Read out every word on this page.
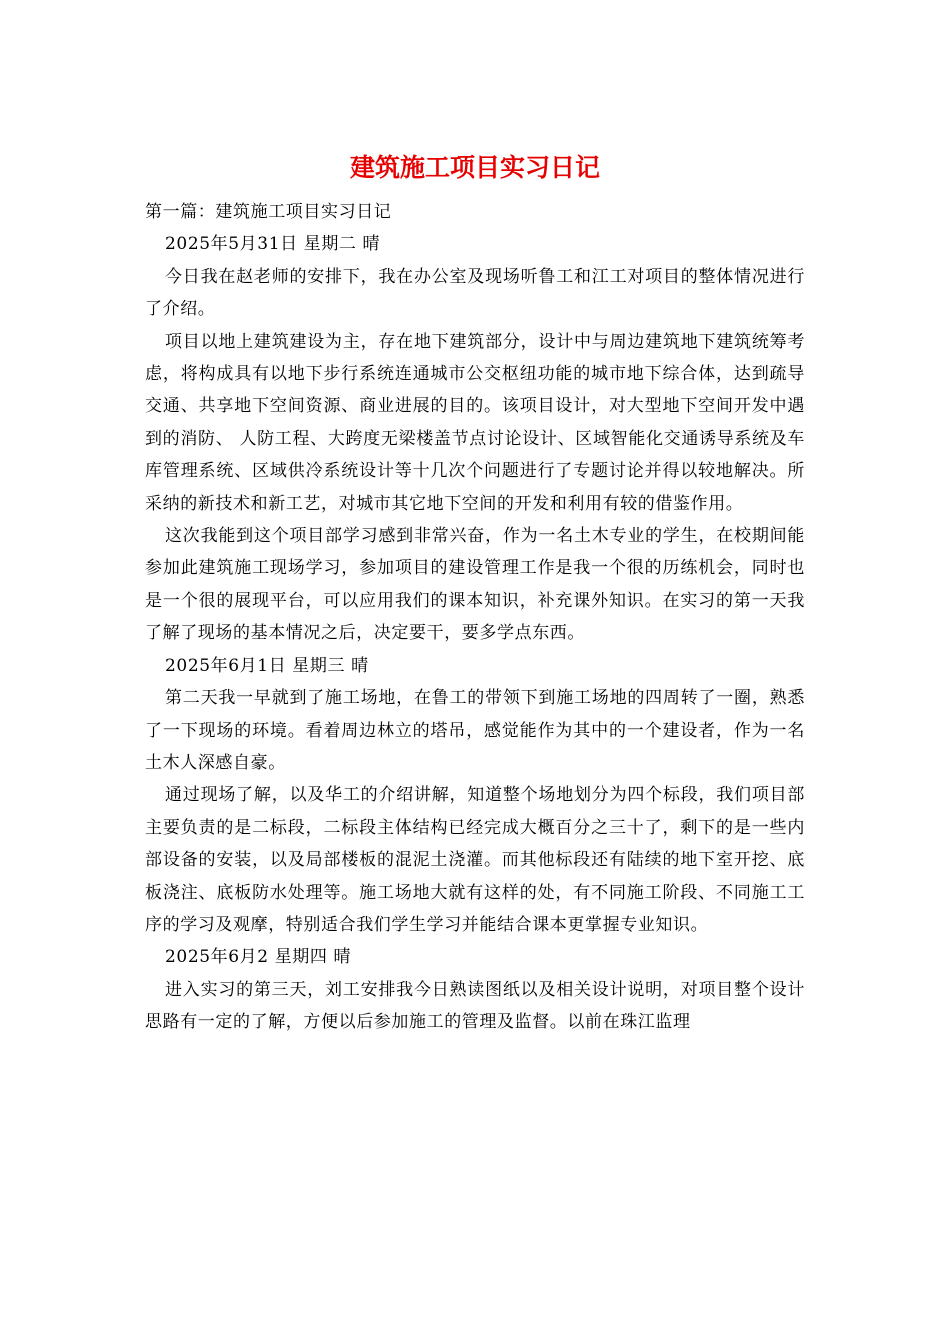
建筑施工项目实习日记

第一篇：建筑施工项目实习日记

2025年5月31日 星期二 晴

今日我在赵老师的安排下，我在办公室及现场听鲁工和江工对项目的整体情况进行了介绍。

项目以地上建筑建设为主，存在地下建筑部分，设计中与周边建筑地下建筑统筹考虑，将构成具有以地下步行系统连通城市公交枢纽功能的城市地下综合体，达到疏导交通、共享地下空间资源、商业进展的目的。该项目设计，对大型地下空间开发中遇到的消防、 人防工程、大跨度无梁楼盖节点讨论设计、区域智能化交通诱导系统及车库管理系统、区域供冷系统设计等十几次个问题进行了专题讨论并得以较地解决。所采纳的新技术和新工艺，对城市其它地下空间的开发和利用有较的借鉴作用。

这次我能到这个项目部学习感到非常兴奋，作为一名土木专业的学生，在校期间能参加此建筑施工现场学习，参加项目的建设管理工作是我一个很的历练机会，同时也是一个很的展现平台，可以应用我们的课本知识，补充课外知识。在实习的第一天我了解了现场的基本情况之后，决定要干，要多学点东西。

2025年6月1日 星期三 晴

第二天我一早就到了施工场地，在鲁工的带领下到施工场地的四周转了一圈，熟悉了一下现场的环境。看着周边林立的塔吊，感觉能作为其中的一个建设者，作为一名土木人深感自豪。

通过现场了解，以及华工的介绍讲解，知道整个场地划分为四个标段，我们项目部主要负责的是二标段，二标段主体结构已经完成大概百分之三十了，剩下的是一些内部设备的安装，以及局部楼板的混泥土浇灌。而其他标段还有陆续的地下室开挖、底板浇注、底板防水处理等。施工场地大就有这样的处，有不同施工阶段、不同施工工序的学习及观摩，特别适合我们学生学习并能结合课本更掌握专业知识。

2025年6月2 星期四 晴

进入实习的第三天，刘工安排我今日熟读图纸以及相关设计说明，对项目整个设计思路有一定的了解，方便以后参加施工的管理及监督。以前在珠江监理
